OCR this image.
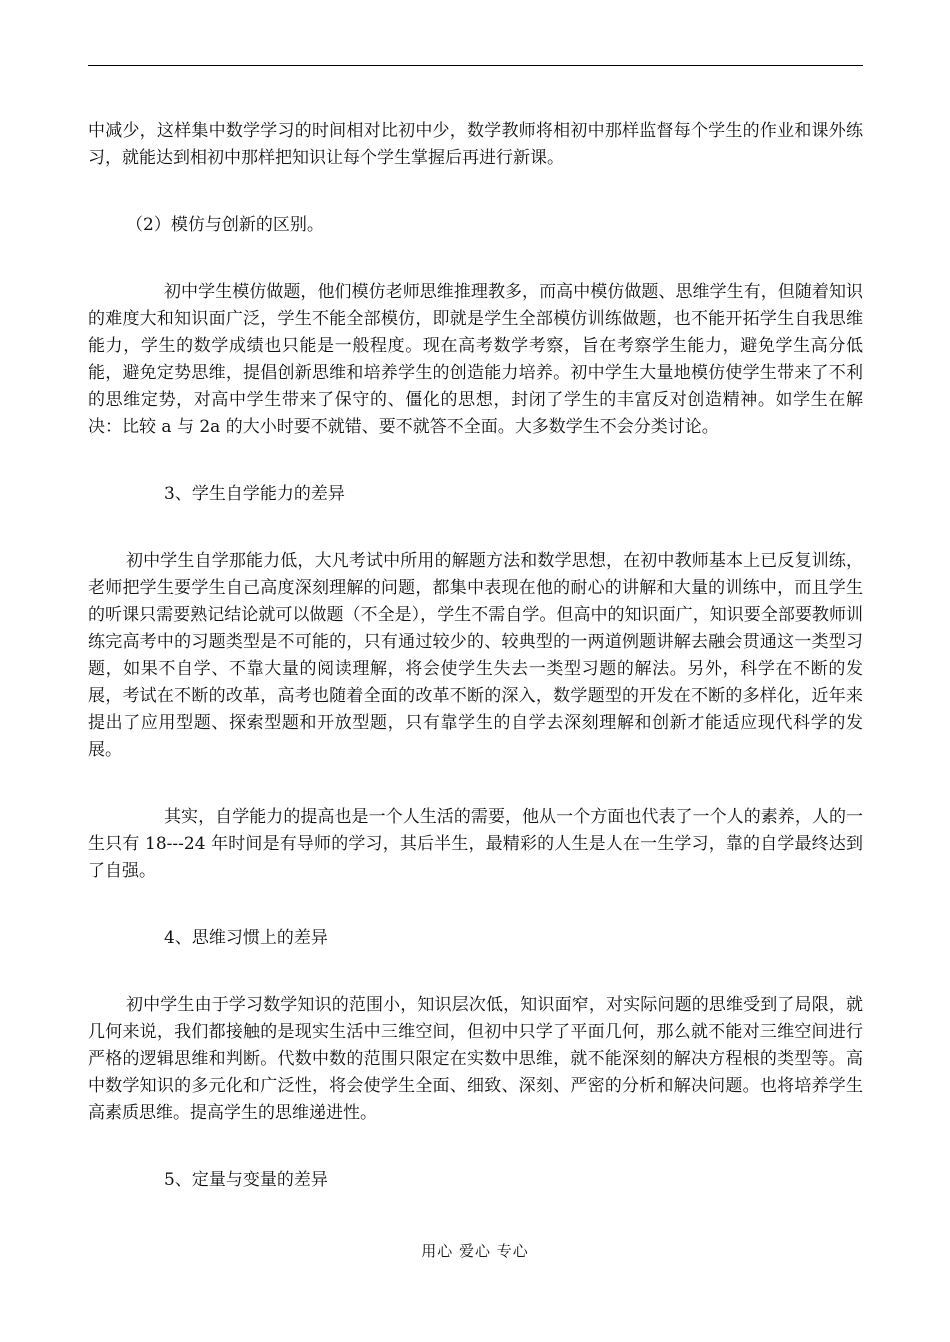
中减少，这样集中数学学习的时间相对比初中少，数学教师将相初中那样监督每个学生的作业和课外练习，就能达到相初中那样把知识让每个学生掌握后再进行新课。

（2）模仿与创新的区别。

初中学生模仿做题，他们模仿老师思维推理教多，而高中模仿做题、思维学生有，但随着知识的难度大和知识面广泛，学生不能全部模仿，即就是学生全部模仿训练做题，也不能开拓学生自我思维能力，学生的数学成绩也只能是一般程度。现在高考数学考察，旨在考察学生能力，避免学生高分低能，避免定势思维，提倡创新思维和培养学生的创造能力培养。初中学生大量地模仿使学生带来了不利的思维定势，对高中学生带来了保守的、僵化的思想，封闭了学生的丰富反对创造精神。如学生在解决：比较 a 与 2a 的大小时要不就错、要不就答不全面。大多数学生不会分类讨论。

3、学生自学能力的差异

初中学生自学那能力低，大凡考试中所用的解题方法和数学思想，在初中教师基本上已反复训练，老师把学生要学生自己高度深刻理解的问题，都集中表现在他的耐心的讲解和大量的训练中，而且学生的听课只需要熟记结论就可以做题（不全是），学生不需自学。但高中的知识面广，知识要全部要教师训练完高考中的习题类型是不可能的，只有通过较少的、较典型的一两道例题讲解去融会贯通这一类型习题，如果不自学、不靠大量的阅读理解，将会使学生失去一类型习题的解法。另外，科学在不断的发展，考试在不断的改革，高考也随着全面的改革不断的深入，数学题型的开发在不断的多样化，近年来提出了应用型题、探索型题和开放型题，只有靠学生的自学去深刻理解和创新才能适应现代科学的发展。

其实，自学能力的提高也是一个人生活的需要，他从一个方面也代表了一个人的素养，人的一生只有 18---24 年时间是有导师的学习，其后半生，最精彩的人生是人在一生学习，靠的自学最终达到了自强。

4、思维习惯上的差异

初中学生由于学习数学知识的范围小，知识层次低，知识面窄，对实际问题的思维受到了局限，就几何来说，我们都接触的是现实生活中三维空间，但初中只学了平面几何，那么就不能对三维空间进行严格的逻辑思维和判断。代数中数的范围只限定在实数中思维，就不能深刻的解决方程根的类型等。高中数学知识的多元化和广泛性，将会使学生全面、细致、深刻、严密的分析和解决问题。也将培养学生高素质思维。提高学生的思维递进性。

5、定量与变量的差异

用心 爱心 专心
